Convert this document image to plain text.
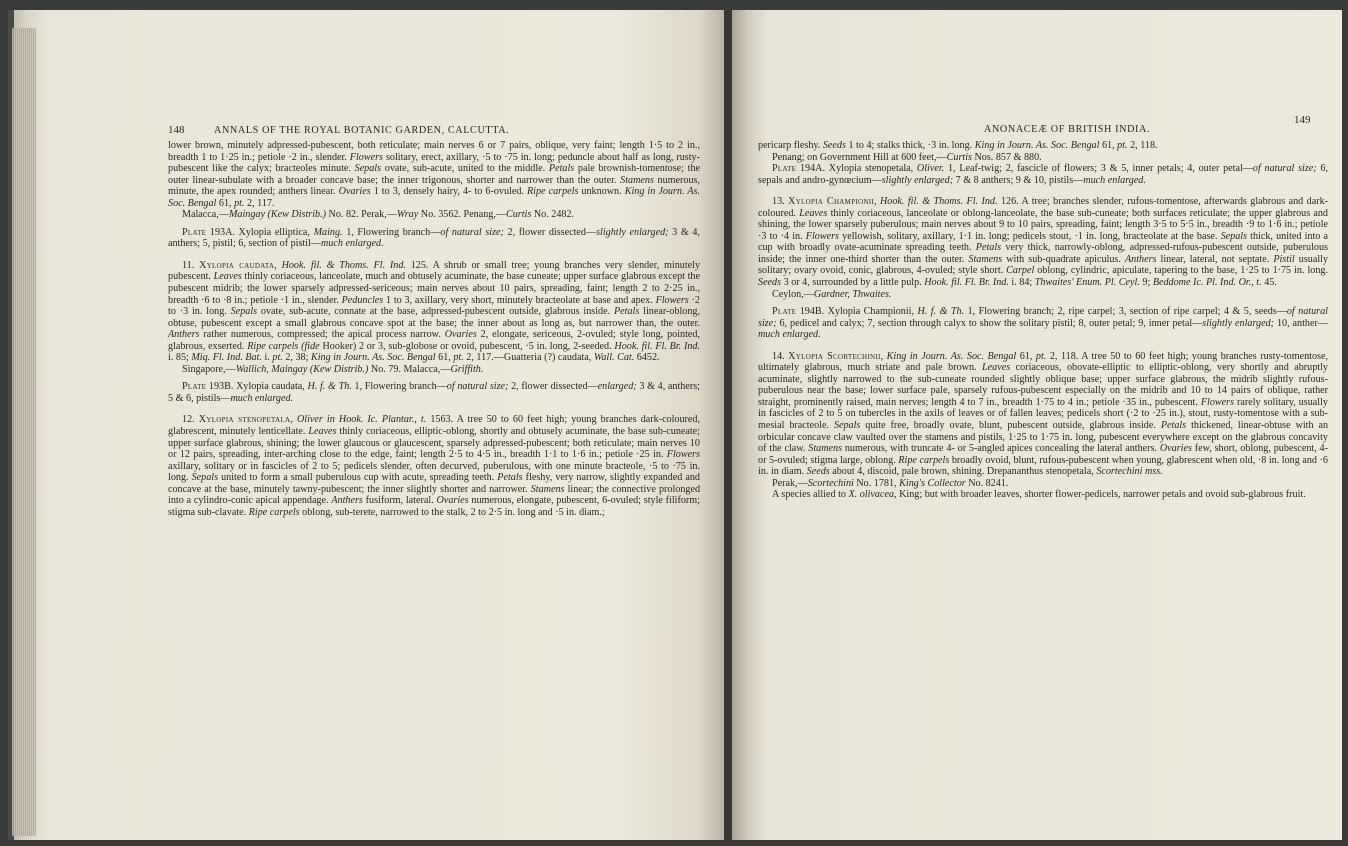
148	ANNALS OF THE ROYAL BOTANIC GARDEN, CALCUTTA.

lower brown, minutely adpressed-pubescent, both reticulate; main nerves 6 or 7 pairs, oblique, very faint; length 1·5 to 2 in., breadth 1 to 1·25 in.; petiole ·2 in., slender. Flowers solitary, erect, axillary, ·5 to ·75 in. long; peduncle about half as long, rusty-pubescent like the calyx; bracteoles minute. Sepals ovate, sub-acute, united to the middle. Petals pale brownish-tomentose; the outer linear-subulate with a broader concave base; the inner trigonous, shorter and narrower than the outer. Stamens numerous, minute, the apex rounded; anthers linear. Ovaries 1 to 3, densely hairy, 4- to 6-ovuled. Ripe carpels unknown. King in Journ. As. Soc. Bengal 61, pt. 2, 117.

Malacca,—Maingay (Kew Distrib.) No. 82. Perak,—Wray No. 3562. Penang,—Curtis No. 2482.

Plate 193A. Xylopia elliptica, Maing. 1, Flowering branch—of natural size; 2, flower dissected—slightly enlarged; 3 & 4, anthers; 5, pistil; 6, section of pistil—much enlarged.

11. Xylopia caudata, Hook. fil. & Thoms. Fl. Ind. 125. A shrub or small tree; young branches very slender, minutely pubescent. Leaves thinly coriaceous, lanceolate, much and obtusely acuminate, the base cuneate; upper surface glabrous except the pubescent midrib; the lower sparsely adpressed-sericeous; main nerves about 10 pairs, spreading, faint; length 2 to 2·25 in., breadth ·6 to ·8 in.; petiole ·1 in., slender. Peduncles 1 to 3, axillary, very short, minutely bracteolate at base and apex. Flowers ·2 to ·3 in. long. Sepals ovate, sub-acute, connate at the base, adpressed-pubescent outside, glabrous inside. Petals linear-oblong, obtuse, pubescent except a small glabrous concave spot at the base; the inner about as long as, but narrower than, the outer. Anthers rather numerous, compressed; the apical process narrow. Ovaries 2, elongate, sericeous, 2-ovuled; style long, pointed, glabrous, exserted. Ripe carpels (fide Hooker) 2 or 3, sub-globose or ovoid, pubescent, ·5 in. long, 2-seeded. Hook. fil. Fl. Br. Ind. i. 85; Miq. Fl. Ind. Bat. i. pt. 2, 38; King in Journ. As. Soc. Bengal 61, pt. 2, 117.—Guatteria (?) caudata, Wall. Cat. 6452.

Singapore,—Wallich, Maingay (Kew Distrib.) No. 79. Malacca,—Griffith.

Plate 193B. Xylopia caudata, H. f. & Th. 1, Flowering branch—of natural size; 2, flower dissected—enlarged; 3 & 4, anthers; 5 & 6, pistils—much enlarged.

12. Xylopia stenopetala, Oliver in Hook. Ic. Plantar., t. 1563. A tree 50 to 60 feet high; young branches dark-coloured, glabrescent, minutely lenticellate. Leaves thinly coriaceous, elliptic-oblong, shortly and obtusely acuminate, the base sub-cuneate; upper surface glabrous, shining; the lower glaucous or glaucescent, sparsely adpressed-pubescent; both reticulate; main nerves 10 or 12 pairs, spreading, inter-arching close to the edge, faint; length 2·5 to 4·5 in., breadth 1·1 to 1·6 in.; petiole ·25 in. Flowers axillary, solitary or in fascicles of 2 to 5; pedicels slender, often decurved, puberulous, with one minute bracteole, ·5 to ·75 in. long. Sepals united to form a small puberulous cup with acute, spreading teeth. Petals fleshy, very narrow, slightly expanded and concave at the base, minutely tawny-pubescent; the inner slightly shorter and narrower. Stamens linear; the connective prolonged into a cylindro-conic apical appendage. Anthers fusiform, lateral. Ovaries numerous, elongate, pubescent, 6-ovuled; style filiform; stigma sub-clavate. Ripe carpels oblong, sub-terete, narrowed to the stalk, 2 to 2·5 in. long and ·5 in. diam.;

ANONACEÆ OF BRITISH INDIA.
149

pericarp fleshy. Seeds 1 to 4; stalks thick, ·3 in. long. King in Journ. As. Soc. Bengal 61, pt. 2, 118.

Penang; on Government Hill at 600 feet,—Curtis Nos. 857 & 880.

Plate 194A. Xylopia stenopetala, Oliver. 1, Leaf-twig; 2, fascicle of flowers; 3 & 5, inner petals; 4, outer petal—of natural size; 6, sepals and andro-gynœcium—slightly enlarged; 7 & 8 anthers; 9 & 10, pistils—much enlarged.

13. Xylopia Championii, Hook. fil. & Thoms. Fl. Ind. 126. A tree; branches slender, rufous-tomentose, afterwards glabrous and dark-coloured. Leaves thinly coriaceous, lanceolate or oblong-lanceolate, the base sub-cuneate; both surfaces reticulate; the upper glabrous and shining, the lower sparsely puberulous; main nerves about 9 to 10 pairs, spreading, faint; length 3·5 to 5·5 in., breadth ·9 to 1·6 in.; petiole ·3 to ·4 in. Flowers yellowish, solitary, axillary, 1·1 in. long; pedicels stout, ·1 in. long, bracteolate at the base. Sepals thick, united into a cup with broadly ovate-acuminate spreading teeth. Petals very thick, narrowly-oblong, adpressed-rufous-pubescent outside, puberulous inside; the inner one-third shorter than the outer. Stamens with sub-quadrate apiculus. Anthers linear, lateral, not septate. Pistil usually solitary; ovary ovoid, conic, glabrous, 4-ovuled; style short. Carpel oblong, cylindric, apiculate, tapering to the base, 1·25 to 1·75 in. long. Seeds 3 or 4, surrounded by a little pulp. Hook. fil. Fl. Br. Ind. i. 84; Thwaites' Enum. Pl. Ceyl. 9; Beddome Ic. Pl. Ind. Or., t. 45.

Ceylon,—Gardner, Thwaites.

Plate 194B. Xylopia Championii, H. f. & Th. 1, Flowering branch; 2, ripe carpel; 3, section of ripe carpel; 4 & 5, seeds—of natural size; 6, pedicel and calyx; 7, section through calyx to show the solitary pistil; 8, outer petal; 9, inner petal—slightly enlarged; 10, anther—much enlarged.

14. Xylopia Scortechinii, King in Journ. As. Soc. Bengal 61, pt. 2, 118. A tree 50 to 60 feet high; young branches rusty-tomentose, ultimately glabrous, much striate and pale brown. Leaves coriaceous, obovate-elliptic to elliptic-oblong, very shortly and abruptly acuminate, slightly narrowed to the sub-cuneate rounded slightly oblique base; upper surface glabrous, the midrib slightly rufous-puberulous near the base; lower surface pale, sparsely rufous-pubescent especially on the midrib and 10 to 14 pairs of oblique, rather straight, prominently raised, main nerves; length 4 to 7 in., breadth 1·75 to 4 in.; petiole ·35 in., pubescent. Flowers rarely solitary, usually in fascicles of 2 to 5 on tubercles in the axils of leaves or of fallen leaves; pedicels short (·2 to ·25 in.), stout, rusty-tomentose with a sub-mesial bracteole. Sepals quite free, broadly ovate, blunt, pubescent outside, glabrous inside. Petals thickened, linear-obtuse with an orbicular concave claw vaulted over the stamens and pistils, 1·25 to 1·75 in. long, pubescent everywhere except on the glabrous concavity of the claw. Stamens numerous, with truncate 4- or 5-angled apices concealing the lateral anthers. Ovaries few, short, oblong, pubescent, 4- or 5-ovuled; stigma large, oblong. Ripe carpels broadly ovoid, blunt, rufous-pubescent when young, glabrescent when old, ·8 in. long and ·6 in. in diam. Seeds about 4, discoid, pale brown, shining. Drepananthus stenopetala, Scortechini mss.

Perak,—Scortechini No. 1781, King's Collector No. 8241.

A species allied to X. olivacea, King; but with broader leaves, shorter flower-pedicels, narrower petals and ovoid sub-glabrous fruit.
